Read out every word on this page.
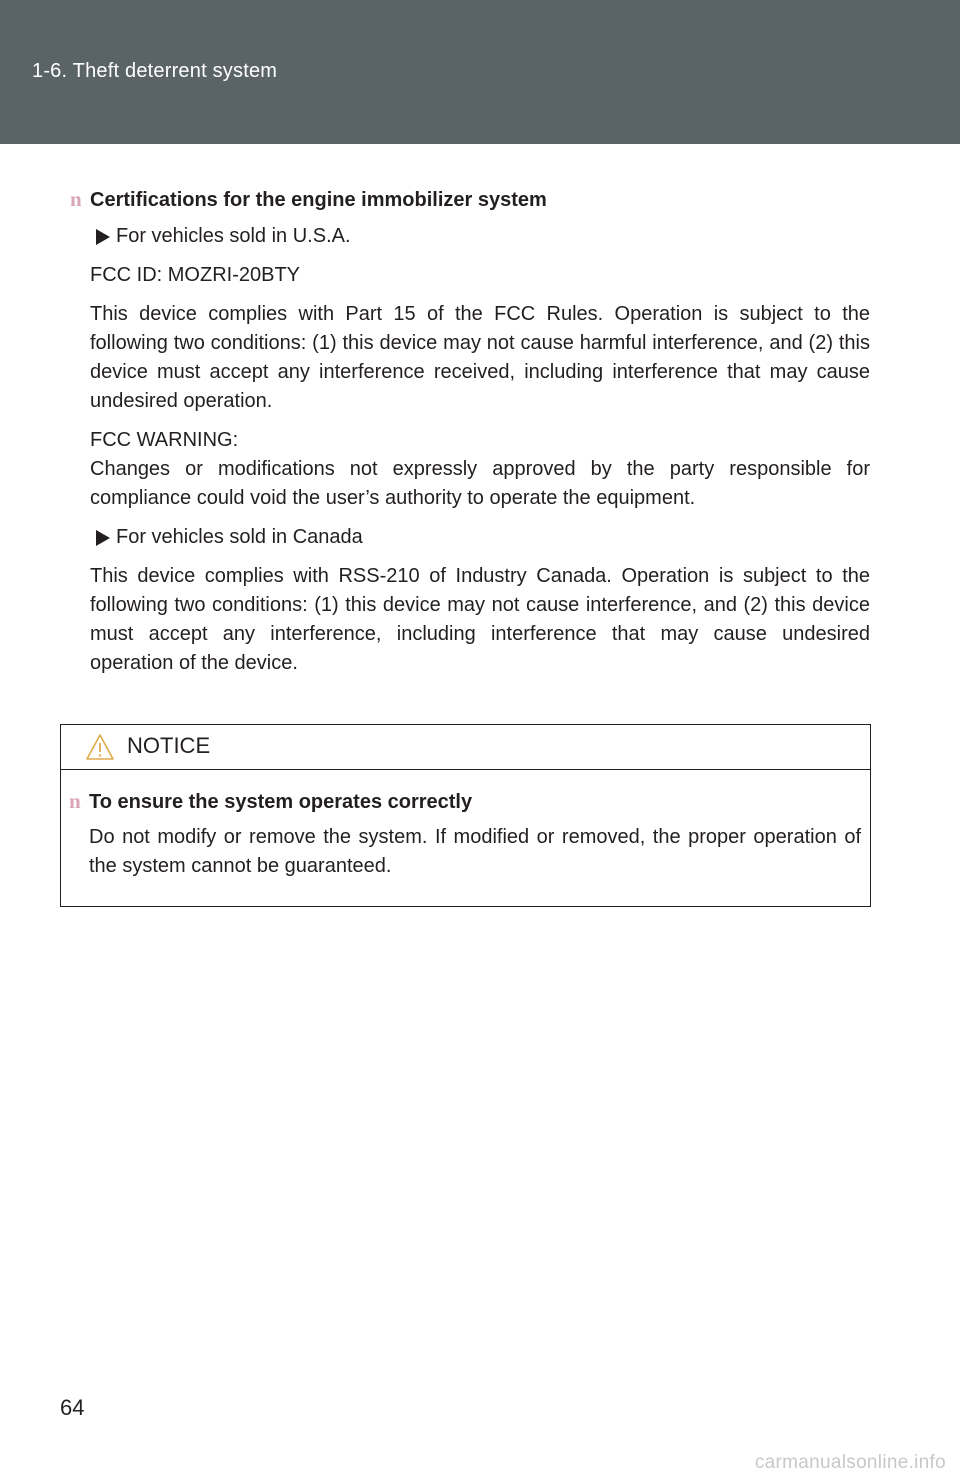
1-6. Theft deterrent system
n Certifications for the engine immobilizer system
For vehicles sold in U.S.A.

FCC ID: MOZRI-20BTY

This device complies with Part 15 of the FCC Rules. Operation is subject to the following two conditions: (1) this device may not cause harmful interference, and (2) this device must accept any interference received, including interference that may cause undesired operation.

FCC WARNING:

Changes or modifications not expressly approved by the party responsible for compliance could void the user’s authority to operate the equipment.

For vehicles sold in Canada

This device complies with RSS-210 of Industry Canada. Operation is subject to the following two conditions: (1) this device may not cause interference, and (2) this device must accept any interference, including interference that may cause undesired operation of the device.

NOTICE
n To ensure the system operates correctly

Do not modify or remove the system. If modified or removed, the proper operation of the system cannot be guaranteed.

64
carmanualsonline.info
